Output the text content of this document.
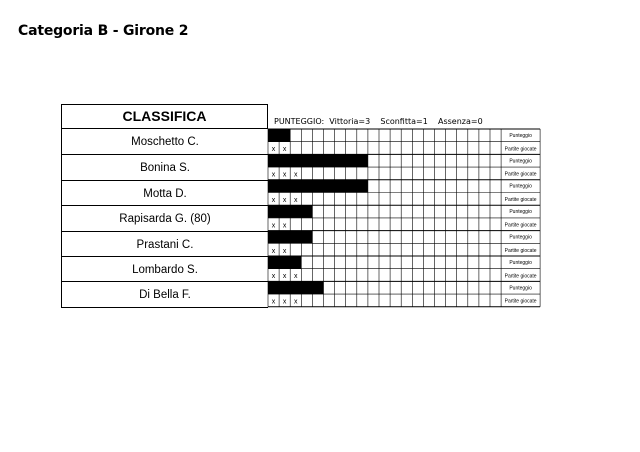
Categoria B - Girone 2
CLASSIFICA	PUNTEGGIO:  Vittoria=3    Sconfitta=1    Assenza=0
Moschetto C.
Bonina S.
Motta D.
Rapisarda G. (80)
Prastani C.
Lombardo S.
Di Bella F.
x x
x x x
x x x
x x
x x
x x x
x x x
Punteggio
Partite giocate
Punteggio
Partite giocate
Punteggio
Partite giocate
Punteggio
Partite giocate
Punteggio
Partite giocate
Punteggio
Partite giocate
Punteggio
Partite giocate
